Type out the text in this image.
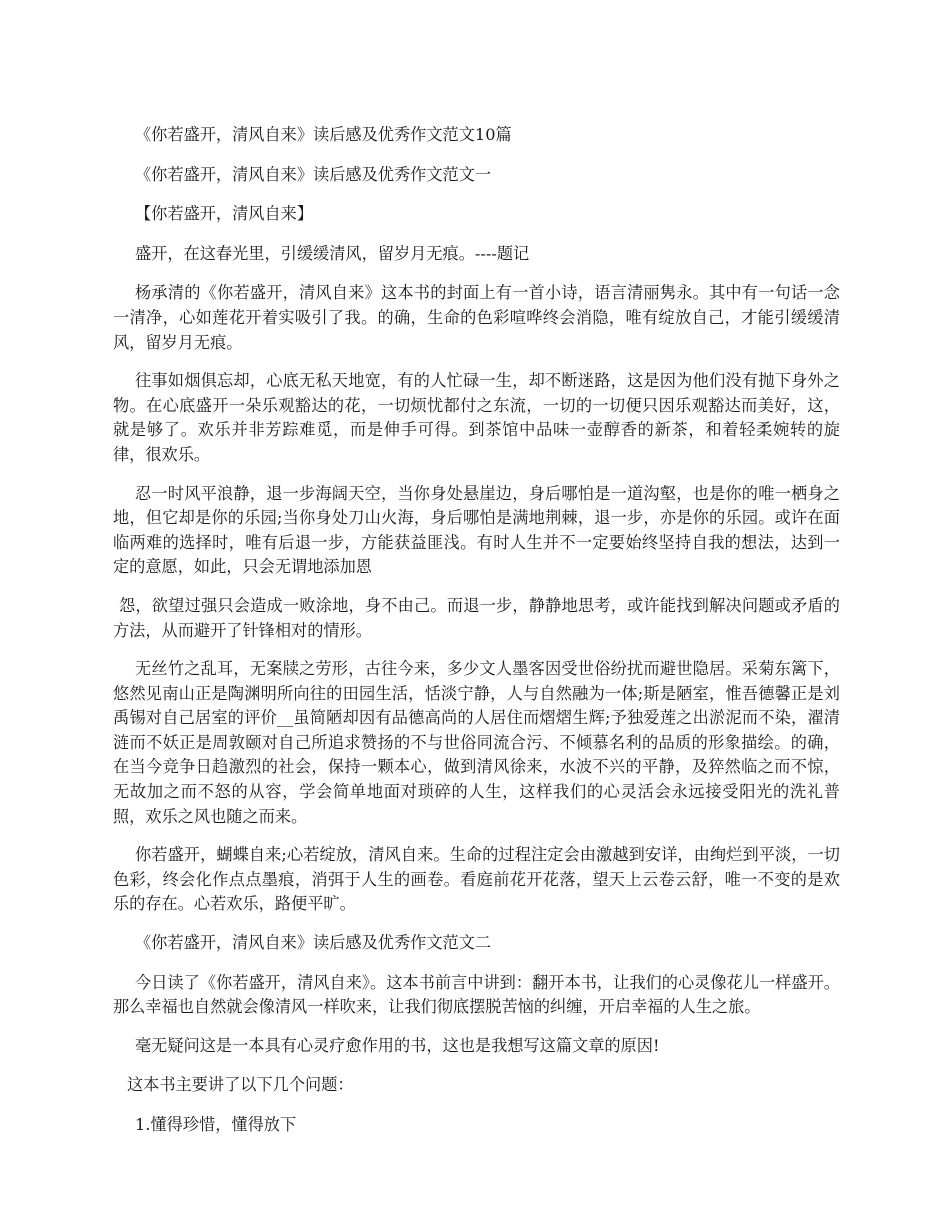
《你若盛开，清风自来》读后感及优秀作文范文10篇

《你若盛开，清风自来》读后感及优秀作文范文一

【你若盛开，清风自来】

盛开，在这春光里，引缓缓清风，留岁月无痕。----题记

杨承清的《你若盛开，清风自来》这本书的封面上有一首小诗，语言清丽隽永。其中有一句话一念一清净，心如莲花开着实吸引了我。的确，生命的色彩喧哗终会消隐，唯有绽放自己，才能引缓缓清风，留岁月无痕。

往事如烟俱忘却，心底无私天地宽，有的人忙碌一生，却不断迷路，这是因为他们没有抛下身外之物。在心底盛开一朵乐观豁达的花，一切烦忧都付之东流，一切的一切便只因乐观豁达而美好，这，就是够了。欢乐并非芳踪难觅，而是伸手可得。到茶馆中品味一壶醇香的新茶，和着轻柔婉转的旋律，很欢乐。

忍一时风平浪静，退一步海阔天空，当你身处悬崖边，身后哪怕是一道沟壑，也是你的唯一栖身之地，但它却是你的乐园;当你身处刀山火海，身后哪怕是满地荆棘，退一步，亦是你的乐园。或许在面临两难的选择时，唯有后退一步，方能获益匪浅。有时人生并不一定要始终坚持自我的想法，达到一定的意愿，如此，只会无谓地添加恩

怨，欲望过强只会造成一败涂地，身不由己。而退一步，静静地思考，或许能找到解决问题或矛盾的方法，从而避开了针锋相对的情形。

无丝竹之乱耳，无案牍之劳形，古往今来，多少文人墨客因受世俗纷扰而避世隐居。采菊东篱下，悠然见南山正是陶渊明所向往的田园生活，恬淡宁静，人与自然融为一体;斯是陋室，惟吾德馨正是刘禹锡对自己居室的评价__虽简陋却因有品德高尚的人居住而熠熠生辉;予独爱莲之出淤泥而不染，濯清涟而不妖正是周敦颐对自己所追求赞扬的不与世俗同流合污、不倾慕名利的品质的形象描绘。的确，在当今竞争日趋激烈的社会，保持一颗本心，做到清风徐来，水波不兴的平静，及猝然临之而不惊，无故加之而不怒的从容，学会简单地面对琐碎的人生，这样我们的心灵活会永远接受阳光的洗礼普照，欢乐之风也随之而来。

你若盛开，蝴蝶自来;心若绽放，清风自来。生命的过程注定会由激越到安详，由绚烂到平淡，一切色彩，终会化作点点墨痕，消弭于人生的画卷。看庭前花开花落，望天上云卷云舒，唯一不变的是欢乐的存在。心若欢乐，路便平旷。

《你若盛开，清风自来》读后感及优秀作文范文二

今日读了《你若盛开，清风自来》。这本书前言中讲到：翻开本书，让我们的心灵像花儿一样盛开。那么幸福也自然就会像清风一样吹来，让我们彻底摆脱苦恼的纠缠，开启幸福的人生之旅。

毫无疑问这是一本具有心灵疗愈作用的书，这也是我想写这篇文章的原因!

这本书主要讲了以下几个问题：

1.懂得珍惜，懂得放下
